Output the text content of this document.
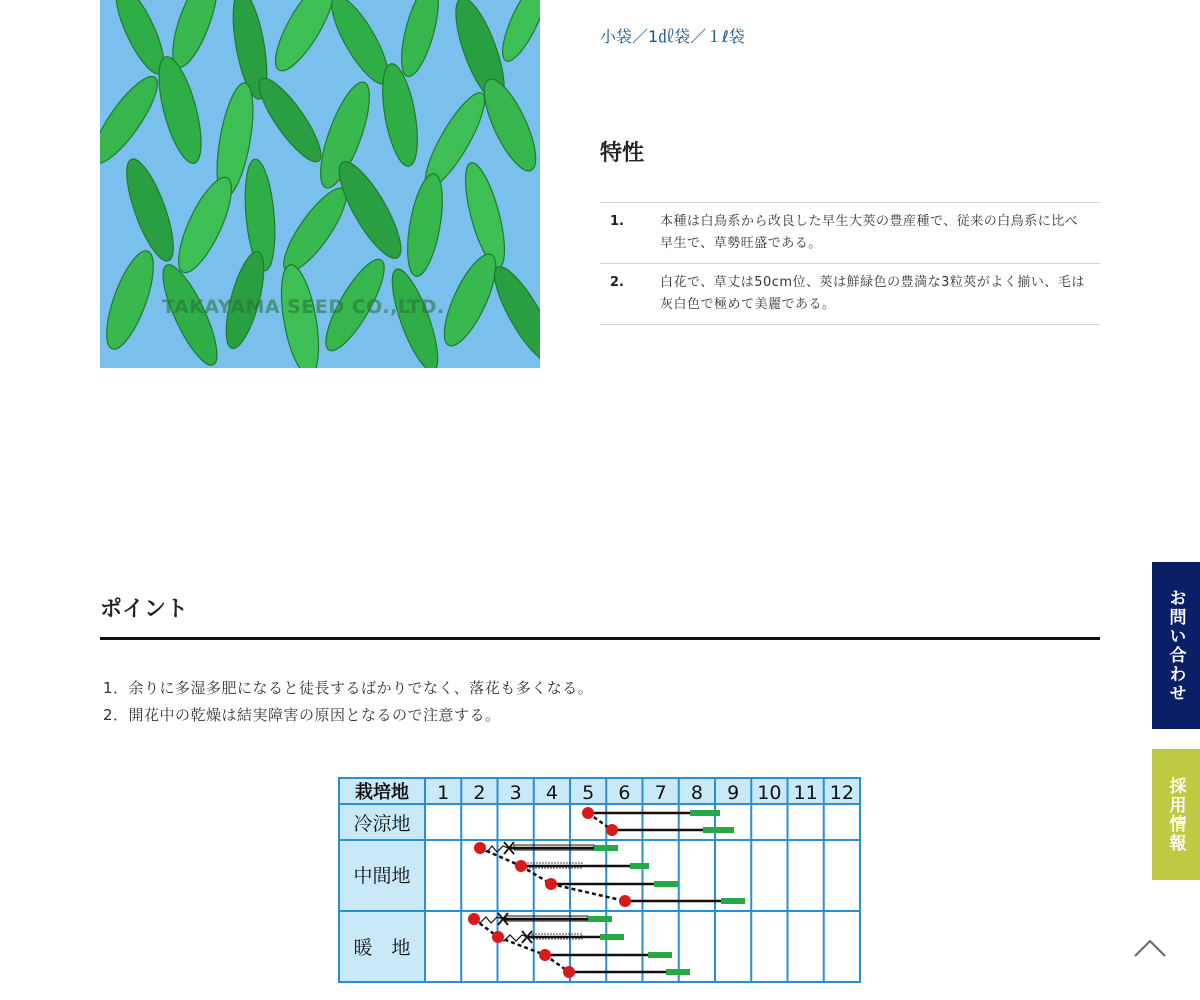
TAKAYAMA SEED CO.,LTD.
小袋／1㎗袋／１ℓ袋
特性
1.	本種は白鳥系から改良した早生大莢の豊産種で、従来の白鳥系に比べ早生で、草勢旺盛である。
2.	白花で、草丈は50cm位、莢は鮮緑色の豊満な3粒莢がよく揃い、毛は灰白色で極めて美麗である。
ポイント
1．余りに多湿多肥になると徒長するばかりでなく、落花も多くなる。
2．開花中の乾燥は結実障害の原因となるので注意する。
栽培地 1 2 3 4 5 6 7 8 9 10 11 12
冷涼地
中間地
暖　地
お問い合わせ
採用情報
